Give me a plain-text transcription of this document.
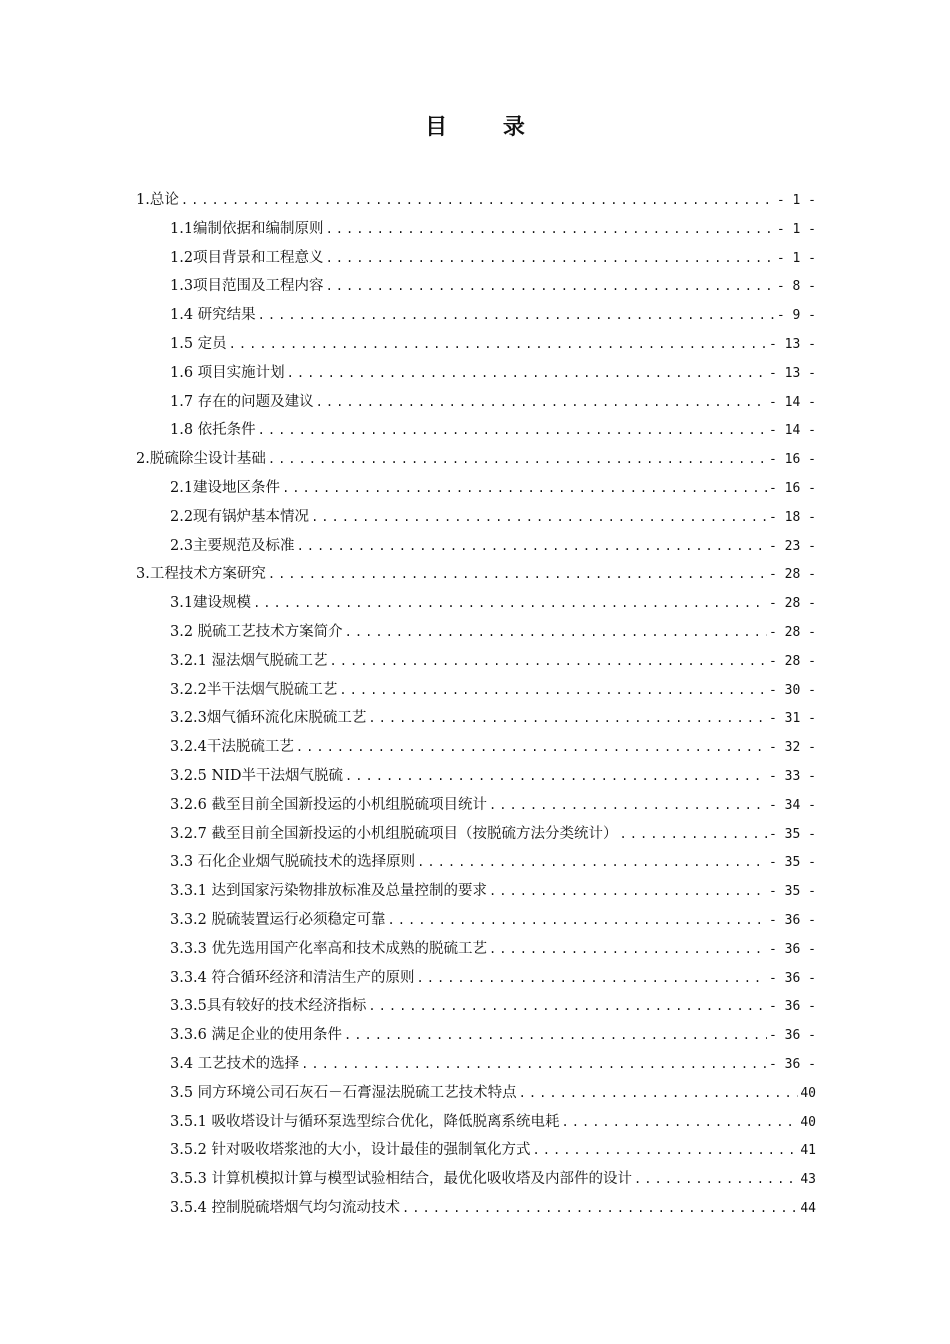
目 录
1.总论 .....	- 1 -
1.1编制依据和编制原则 .....	- 1 -
1.2项目背景和工程意义 .....	- 1 -
1.3项目范围及工程内容 .....	- 8 -
1.4 研究结果 .....	- 9 -
1.5 定员 .....	- 13 -
1.6 项目实施计划 .....	- 13 -
1.7 存在的问题及建议 .....	- 14 -
1.8 依托条件 .....	- 14 -
2.脱硫除尘设计基础 .....	- 16 -
2.1建设地区条件 .....	- 16 -
2.2现有锅炉基本情况 .....	- 18 -
2.3主要规范及标准 .....	- 23 -
3.工程技术方案研究 .....	- 28 -
3.1建设规模 .....	- 28 -
3.2 脱硫工艺技术方案简介 .....	- 28 -
3.2.1 湿法烟气脱硫工艺 .....	- 28 -
3.2.2半干法烟气脱硫工艺 .....	- 30 -
3.2.3烟气循环流化床脱硫工艺 .....	- 31 -
3.2.4干法脱硫工艺 .....	- 32 -
3.2.5 NID半干法烟气脱硫 .....	- 33 -
3.2.6 截至目前全国新投运的小机组脱硫项目统计 .....	- 34 -
3.2.7 截至目前全国新投运的小机组脱硫项目（按脱硫方法分类统计） .....	- 35 -
3.3 石化企业烟气脱硫技术的选择原则 .....	- 35 -
3.3.1 达到国家污染物排放标准及总量控制的要求 .....	- 35 -
3.3.2 脱硫装置运行必须稳定可靠 .....	- 36 -
3.3.3 优先选用国产化率高和技术成熟的脱硫工艺 .....	- 36 -
3.3.4 符合循环经济和清洁生产的原则 .....	- 36 -
3.3.5具有较好的技术经济指标 .....	- 36 -
3.3.6 满足企业的使用条件 .....	- 36 -
3.4 工艺技术的选择 .....	- 36 -
3.5 同方环境公司石灰石－石膏湿法脱硫工艺技术特点 .....	40
3.5.1 吸收塔设计与循环泵选型综合优化，降低脱离系统电耗 .....	40
3.5.2 针对吸收塔浆池的大小，设计最佳的强制氧化方式 .....	41
3.5.3 计算机模拟计算与模型试验相结合，最优化吸收塔及内部件的设计 .....	43
3.5.4 控制脱硫塔烟气均匀流动技术 .....	44
